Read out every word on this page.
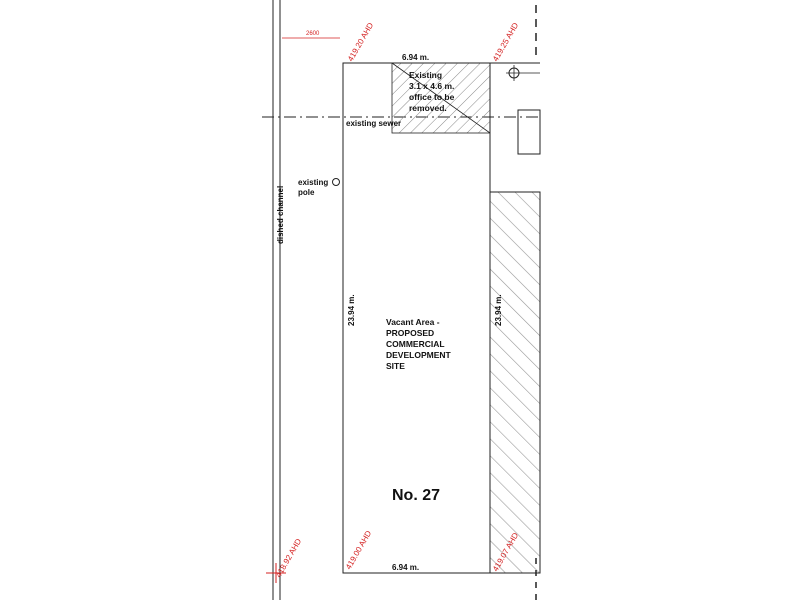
2600
6.94 m.
6.94 m.
Existing
3.1 x 4.6 m.
office to be
removed.
existing sewer
existing
pole
dished channel
23.94 m.	23.94 m.
Vacant Area -
PROPOSED
COMMERCIAL
DEVELOPMENT
SITE
No. 27
419.20 AHD	419.25 AHD
419.00 AHD	419.07 AHD
418.92 AHD
